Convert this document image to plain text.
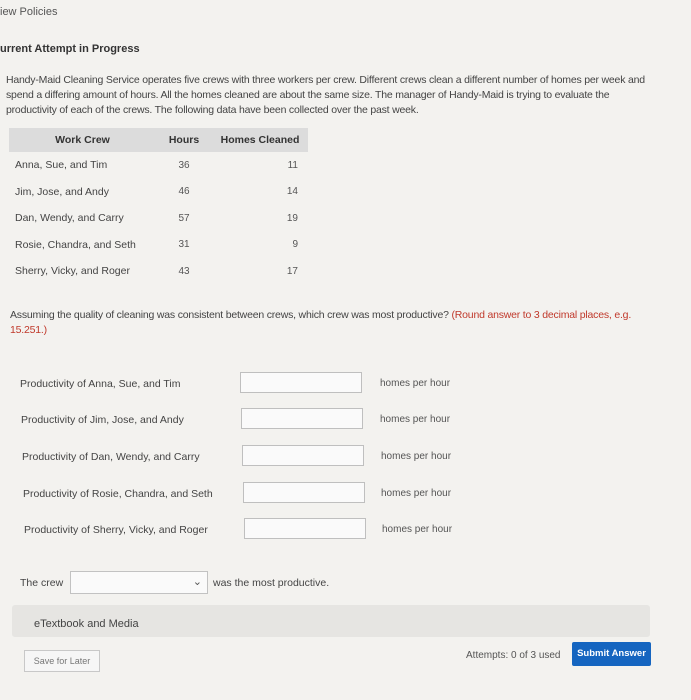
iew Policies
urrent Attempt in Progress
Handy-Maid Cleaning Service operates five crews with three workers per crew. Different crews clean a different number of homes per week and spend a differing amount of hours. All the homes cleaned are about the same size. The manager of Handy-Maid is trying to evaluate the productivity of each of the crews. The following data have been collected over the past week.
Work Crew	Hours	Homes Cleaned
Anna, Sue, and Tim	36	11
Jim, Jose, and Andy	46	14
Dan, Wendy, and Carry	57	19
Rosie, Chandra, and Seth	31	9
Sherry, Vicky, and Roger	43	17
Assuming the quality of cleaning was consistent between crews, which crew was most productive? (Round answer to 3 decimal places, e.g. 15.251.)
Productivity of Anna, Sue, and Tim	homes per hour
Productivity of Jim, Jose, and Andy	homes per hour
Productivity of Dan, Wendy, and Carry	homes per hour
Productivity of Rosie, Chandra, and Seth	homes per hour
Productivity of Sherry, Vicky, and Roger	homes per hour
The crew	⌄ was the most productive.
eTextbook and Media
Save for Later	Attempts: 0 of 3 used	Submit Answer
